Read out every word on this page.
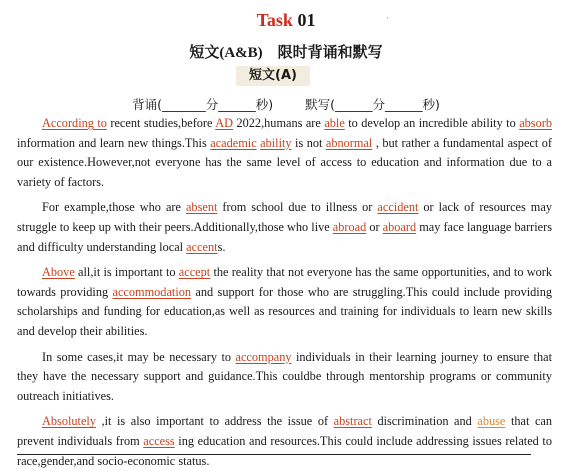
Task 01	·
短文(A&B)　限时背诵和默写
短文(A)
背诵(_______分______秒)	默写(______分______秒)

According to recent studies,before AD 2022,humans are able to develop an incredible ability to absorb information and learn new things.This academic ability is not abnormal , but rather a fundamental aspect of our existence.However,not everyone has the same level of access to education and information due to a variety of factors.

For example,those who are absent from school due to illness or accident or lack of resources may struggle to keep up with their peers.Additionally,those who live abroad or aboard may face language barriers and difficulty understanding local accents.

Above all,it is important to accept the reality that not everyone has the same opportunities, and to work towards providing accommodation and support for those who are struggling.This could include providing scholarships and funding for education,as well as resources and training for individuals to learn new skills and develop their abilities.

In some cases,it may be necessary to accompany individuals in their learning journey to ensure that they have the necessary support and guidance.This couldbe through mentorship programs or community outreach initiatives.

Absolutely ,it is also important to address the issue of abstract discrimination and abuse that can prevent individuals from access ing education and resources.This could include addressing issues related to race,gender,and socio-economic status.
